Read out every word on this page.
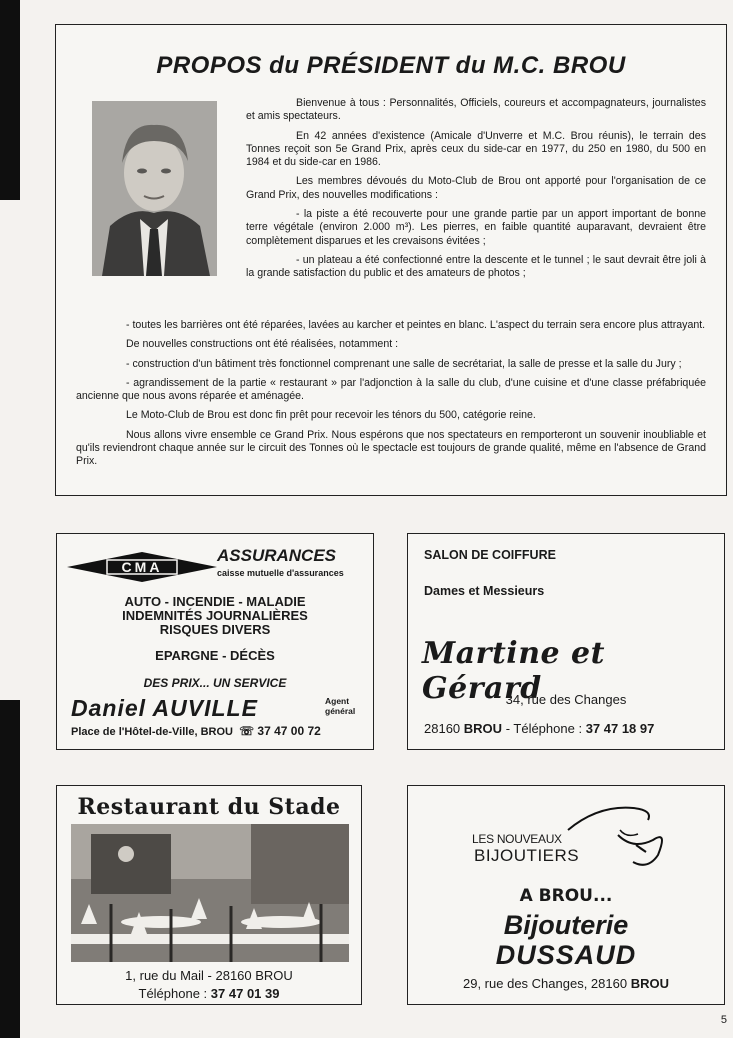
PROPOS du PRÉSIDENT du M.C. BROU

Bienvenue à tous : Personnalités, Officiels, coureurs et accompagnateurs, journalistes et amis spectateurs.

En 42 années d'existence (Amicale d'Unverre et M.C. Brou réunis), le terrain des Tonnes reçoit son 5e Grand Prix, après ceux du side-car en 1977, du 250 en 1980, du 500 en 1984 et du side-car en 1986.

Les membres dévoués du Moto-Club de Brou ont apporté pour l'organisation de ce Grand Prix, des nouvelles modifications :

- la piste a été recouverte pour une grande partie par un apport important de bonne terre végétale (environ 2.000 m³). Les pierres, en faible quantité auparavant, devraient être complètement disparues et les crevaisons évitées ;

- un plateau a été confectionné entre la descente et le tunnel ; le saut devrait être joli à la grande satisfaction du public et des amateurs de photos ;

- toutes les barrières ont été réparées, lavées au karcher et peintes en blanc. L'aspect du terrain sera encore plus attrayant.

De nouvelles constructions ont été réalisées, notamment :

- construction d'un bâtiment très fonctionnel comprenant une salle de secrétariat, la salle de presse et la salle du Jury ;

- agrandissement de la partie « restaurant » par l'adjonction à la salle du club, d'une cuisine et d'une classe préfabriquée ancienne que nous avons réparée et aménagée.

Le Moto-Club de Brou est donc fin prêt pour recevoir les ténors du 500, catégorie reine.

Nous allons vivre ensemble ce Grand Prix. Nous espérons que nos spectateurs en remporteront un souvenir inoubliable et qu'ils reviendront chaque année sur le circuit des Tonnes où le spectacle est toujours de grande qualité, même en l'absence de Grand Prix.

CMA
ASSURANCES
caisse mutuelle d'assurances
AUTO - INCENDIE - MALADIE
INDEMNITÉS JOURNALIÈRES
RISQUES DIVERS
EPARGNE - DÉCÈS
DES PRIX... UN SERVICE
Daniel AUVILLE	Agent
général
Place de l'Hôtel-de-Ville, BROU ☏ 37 47 00 72
SALON DE COIFFURE
Dames et Messieurs
Martine et Gérard
34, rue des Changes
28160 BROU - Téléphone : 37 47 18 97
Restaurant du Stade
1, rue du Mail - 28160 BROU
Téléphone : 37 47 01 39
LES NOUVEAUX
BIJOUTIERS
A BROU...
Bijouterie
DUSSAUD
29, rue des Changes, 28160 BROU
5
